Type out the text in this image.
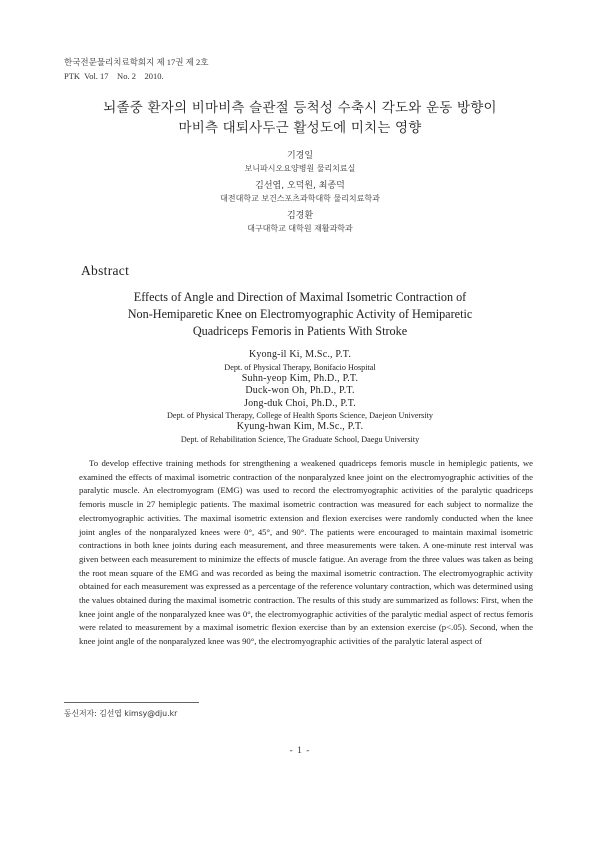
한국전문물리치료학회지 제 17권 제 2호
PTK  Vol. 17    No. 2    2010.
뇌졸중 환자의 비마비측 슬관절 등척성 수축시 각도와 운동 방향이
마비측 대퇴사두근 활성도에 미치는 영향
기경일
보니파시오요양병원 물리치료실
김선엽, 오덕원, 최종덕
대전대학교 보건스포츠과학대학 물리치료학과
김경환
대구대학교 대학원 재활과학과
Abstract
Effects of Angle and Direction of Maximal Isometric Contraction of
Non-Hemiparetic Knee on Electromyographic Activity of Hemiparetic
Quadriceps Femoris in Patients With Stroke
Kyong-il Ki, M.Sc., P.T.
Dept. of Physical Therapy, Bonifacio Hospital
Suhn-yeop Kim, Ph.D., P.T.
Duck-won Oh, Ph.D., P.T.
Jong-duk Choi, Ph.D., P.T.
Dept. of Physical Therapy, College of Health Sports Science, Daejeon University
Kyung-hwan Kim, M.Sc., P.T.
Dept. of Rehabilitation Science, The Graduate School, Daegu University

To develop effective training methods for strengthening a weakened quadriceps femoris muscle in hemiplegic patients, we examined the effects of maximal isometric contraction of the nonparalyzed knee joint on the electromyographic activities of the paralytic muscle. An electromyogram (EMG) was used to record the electromyographic activities of the paralytic quadriceps femoris muscle in 27 hemiplegic patients. The maximal isometric contraction was measured for each subject to normalize the electromyographic activities. The maximal isometric extension and flexion exercises were randomly conducted when the knee joint angles of the nonparalyzed knees were 0°, 45°, and 90°. The patients were encouraged to maintain maximal isometric contractions in both knee joints during each measurement, and three measurements were taken. A one-minute rest interval was given between each measurement to minimize the effects of muscle fatigue. An average from the three values was taken as being the root mean square of the EMG and was recorded as being the maximal isometric contraction. The electromyographic activity obtained for each measurement was expressed as a percentage of the reference voluntary contraction, which was determined using the values obtained during the maximal isometric contraction. The results of this study are summarized as follows: First, when the knee joint angle of the nonparalyzed knee was 0°, the electromyographic activities of the paralytic medial aspect of rectus femoris were related to measurement by a maximal isometric flexion exercise than by an extension exercise (p<.05). Second, when the knee joint angle of the nonparalyzed knee was 90°, the electromyographic activities of the paralytic lateral aspect of

동신저자: 김선엽 kimsy@dju.kr
- 1 -
